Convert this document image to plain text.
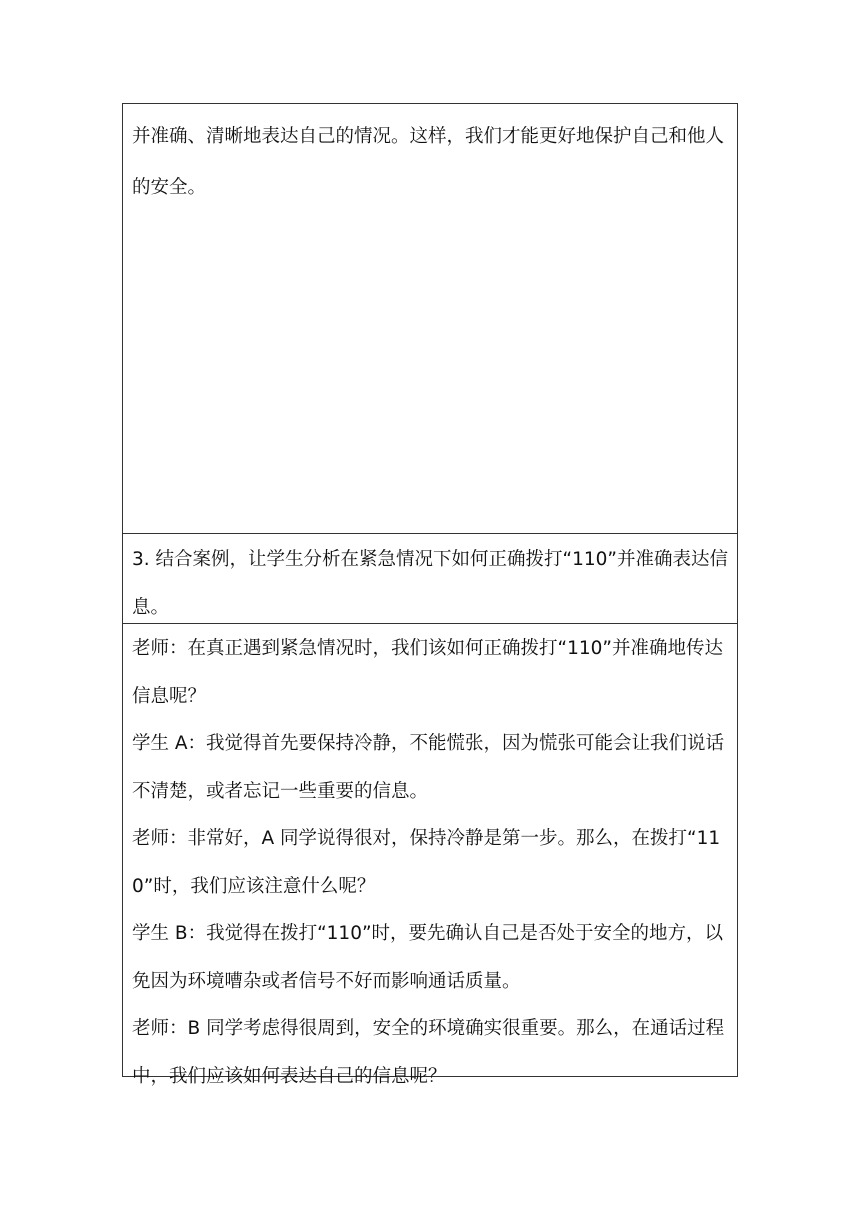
并准确、清晰地表达自己的情况。这样，我们才能更好地保护自己和他人的安全。

3. 结合案例，让学生分析在紧急情况下如何正确拨打“110”并准确表达信息。

老师：在真正遇到紧急情况时，我们该如何正确拨打“110”并准确地传达信息呢？

学生 A：我觉得首先要保持冷静，不能慌张，因为慌张可能会让我们说话不清楚，或者忘记一些重要的信息。

老师：非常好，A 同学说得很对，保持冷静是第一步。那么，在拨打“110”时，我们应该注意什么呢？

学生 B：我觉得在拨打“110”时，要先确认自己是否处于安全的地方，以免因为环境嘈杂或者信号不好而影响通话质量。

老师：B 同学考虑得很周到，安全的环境确实很重要。那么，在通话过程中，我们应该如何表达自己的信息呢？
